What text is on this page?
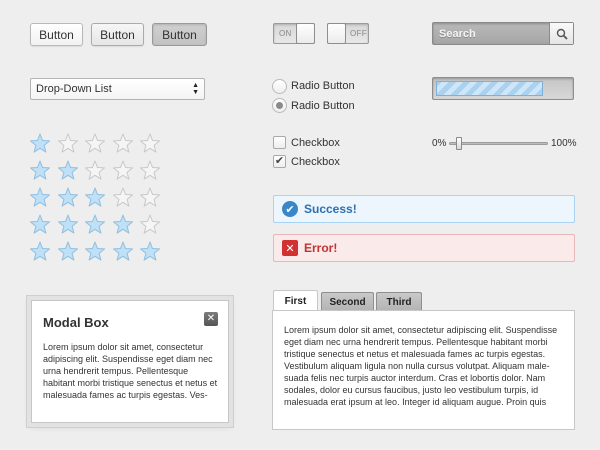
Button	Button	Button	ON	OFF	Search
Drop-Down List	▲
▼
Radio Button
Radio Button
Checkbox
✔ Checkbox
0%	100%
✔ Success!
✕ Error!
Modal Box	✕
Lorem ipsum dolor sit amet, consectetur adipiscing elit. Suspendisse eget diam nec urna hendrerit tempus. Pellentesque habitant morbi tristique senectus et netus et malesuada fames ac turpis egestas. Ves-
First	Second	Third
Lorem ipsum dolor sit amet, consectetur adipiscing elit. Suspendisse eget diam nec urna hendrerit tempus. Pellentesque habitant morbi tristique senectus et netus et malesuada fames ac turpis egestas. Vestibulum aliquam ligula non nulla cursus volutpat. Aliquam male-suada felis nec turpis auctor interdum. Cras et lobortis dolor. Nam sodales, dolor eu cursus faucibus, justo leo vestibulum turpis, id malesuada erat ipsum at leo. Integer id aliquam augue. Proin quis
